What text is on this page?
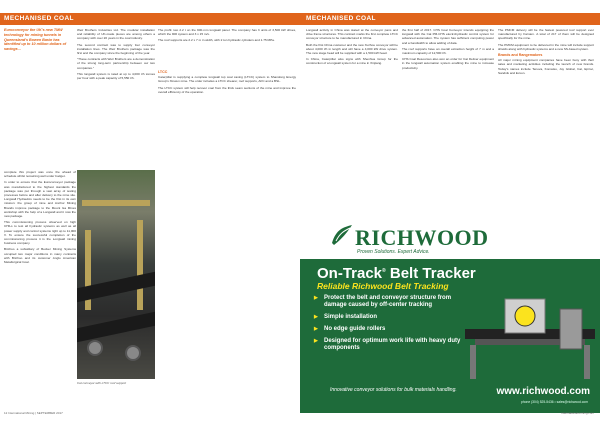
MECHANISED COAL
Euroconveyor the UK's new TMW technology for mining tunnels in Queensland's Bowen Basin has identified up to 10 million dollars of savings…

complete this project was once the ahead of schedule whilst remaining well under budget.

In order to ensure that the Euroconveyor package was manufactured to the highest standards the package was put through a vast array of testing processes before and after delivery to the mine site. Longwall Hydraulics needs to be the first in its own mission: the group of mine and Anchor Mining Brands improve package to the Mount Isa Mines workshop with the help of a Longwall and it now the new package.

This commissioning process observed on high CHILs to test all hydraulic systems as well as all power supply and control systems right up to 11,000 V. To ensure the successful completion of the commissioning process it is the Longwall mining business company.

Brichoo a subsidiary of Becker Mining Systems occupied two major conditions in many contracts with Brichoo and its customer Anglo American Metallurgical Coal.

Weir Brothers Industries Ltd. The modular installation and reliability of UK-made pieces are among others a company with over 20 years in the coal industry.

The second contract was to supply four conveyor installation lines. The Weir Brothers package was the first and the company since the beginning of the year.

"These contracts with Weir Brothers are a demonstration of the strong long-term partnership between our two companies."

This longwall system is rated at up to 4,000 t/h tonnes per hour with a peak capacity of 5,550 t/h.

Cat conveyor with LTCC roof support

The profit: two 2.2 t on the 900-mm longwall panel. The company has 3 units of 3,500 kW drives, which the 900 system and 3 x 15 m/s.

The roof supports are 2.2 x 7 m in width, with 2 ton hydraulic cylinders and 1.75 MPa.

LTCC

Caterpillar is supplying a complete longwall top coal caving (LTCC) system to Shandong Energy Group's Xinwen mine. The order includes a LTCC shearer, roof supports, AFC and a BSL.

The LTCC system will help recover coal from the thick seam sections of the mine and improve the overall efficiency of the operation.

12 International Mining | SEPTEMBER 2017
MECHANISED COAL

Longwall activity in China was stated at the conveyor pans and drive frame structures. This contract marks the first complete LTCC conveyor structure to be manufactured in China.

Both the first China customer and the new Xuzhou conveyor will be about 4,000 t/h in length and will have a 4,000 kW drive system. The new stage head will be supplied with a 1,500 kW head.

In China, Caterpillar also signs with Shenhua Group for the construction of a longwall system for a mine in Xinjiang.

the first half of 2017. CHS Coal Conveyor intends equipping the longwall with the Cat PM-CHS electrohydraulic control system for advanced automation. The system has sufficient computing power and a bandwidth to allow adding of data.

The roof supports have an overall extraction height of 7 m and a maximum capacity of 12,500 t/h.

CHS Coal Resources also won an order for Cat Deliver equipment in the longwall automation system enabling the mine to increase productivity.

The PMCM delivery will be the fastest powered roof support ever manufactured by Farnam. A total of 217 of them will be designed specifically for the mine.

The PMCM equipment to be delivered in the mine will include support shields along with hydraulic systems and a new SS-based system.

Brands and Rangemakers

All major mining equipment companies have been busy with their sales and marketing activities including the launch of new brands. Today's names include Tenova, Komatsu, Joy Global, Cat, Epiroc, Sandvik and Exxon.

RICHWOOD
Proven Solutions. Expert Advice.
On-Track® Belt Tracker
Reliable Richwood Belt Tracking
▶ Protect the belt and conveyor structure from damage caused by off-center tracking
▶ Simple installation
▶ No edge guide rollers
▶ Designed for optimum work life with heavy duty components
Innovative conveyor solutions for bulk materials handling.	www.richwood.com
phone (304) 525-5436 • sales@richwood.com
international-mining.com
